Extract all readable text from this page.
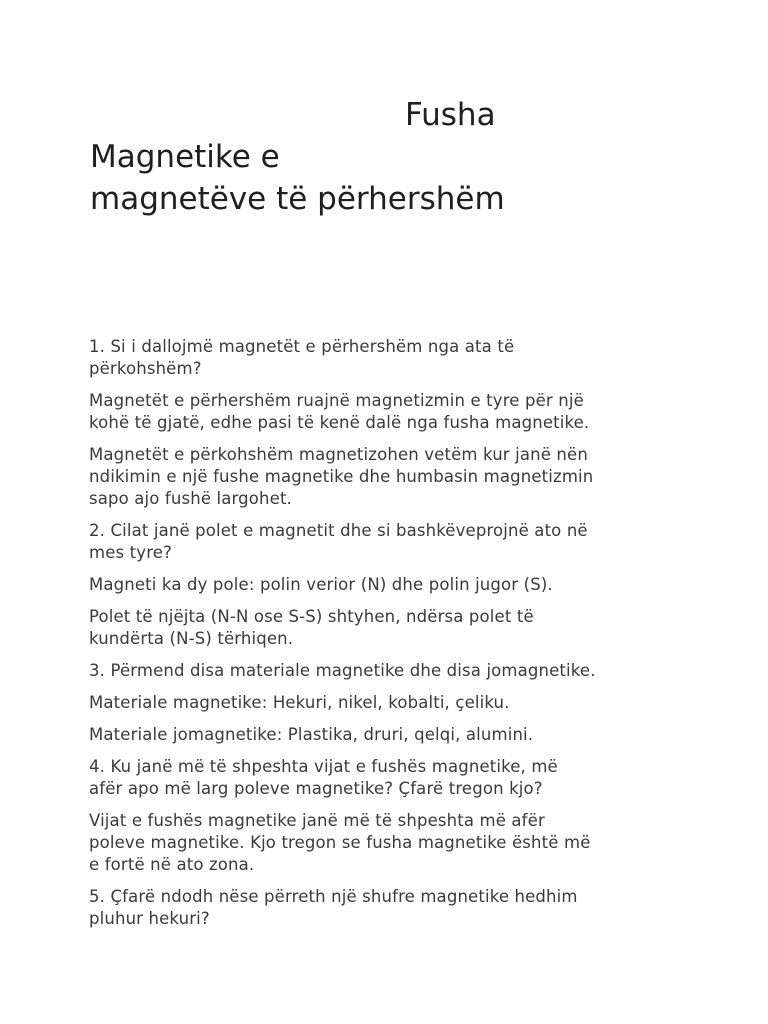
Fusha
Magnetike e
magnetëve të përhershëm

1. Si i dallojmë magnetët e përhershëm nga ata të
përkohshëm?

Magnetët e përhershëm ruajnë magnetizmin e tyre për një
kohë të gjatë, edhe pasi të kenë dalë nga fusha magnetike.

Magnetët e përkohshëm magnetizohen vetëm kur janë nën
ndikimin e një fushe magnetike dhe humbasin magnetizmin
sapo ajo fushë largohet.

2. Cilat janë polet e magnetit dhe si bashkëveprojnë ato në
mes tyre?

Magneti ka dy pole: polin verior (N) dhe polin jugor (S).

Polet të njëjta (N-N ose S-S) shtyhen, ndërsa polet të
kundërta (N-S) tërhiqen.

3. Përmend disa materiale magnetike dhe disa jomagnetike.

Materiale magnetike: Hekuri, nikel, kobalti, çeliku.

Materiale jomagnetike: Plastika, druri, qelqi, alumini.

4. Ku janë më të shpeshta vijat e fushës magnetike, më
afër apo më larg poleve magnetike? Çfarë tregon kjo?

Vijat e fushës magnetike janë më të shpeshta më afër
poleve magnetike. Kjo tregon se fusha magnetike është më
e fortë në ato zona.

5. Çfarë ndodh nëse përreth një shufre magnetike hedhim
pluhur hekuri?
